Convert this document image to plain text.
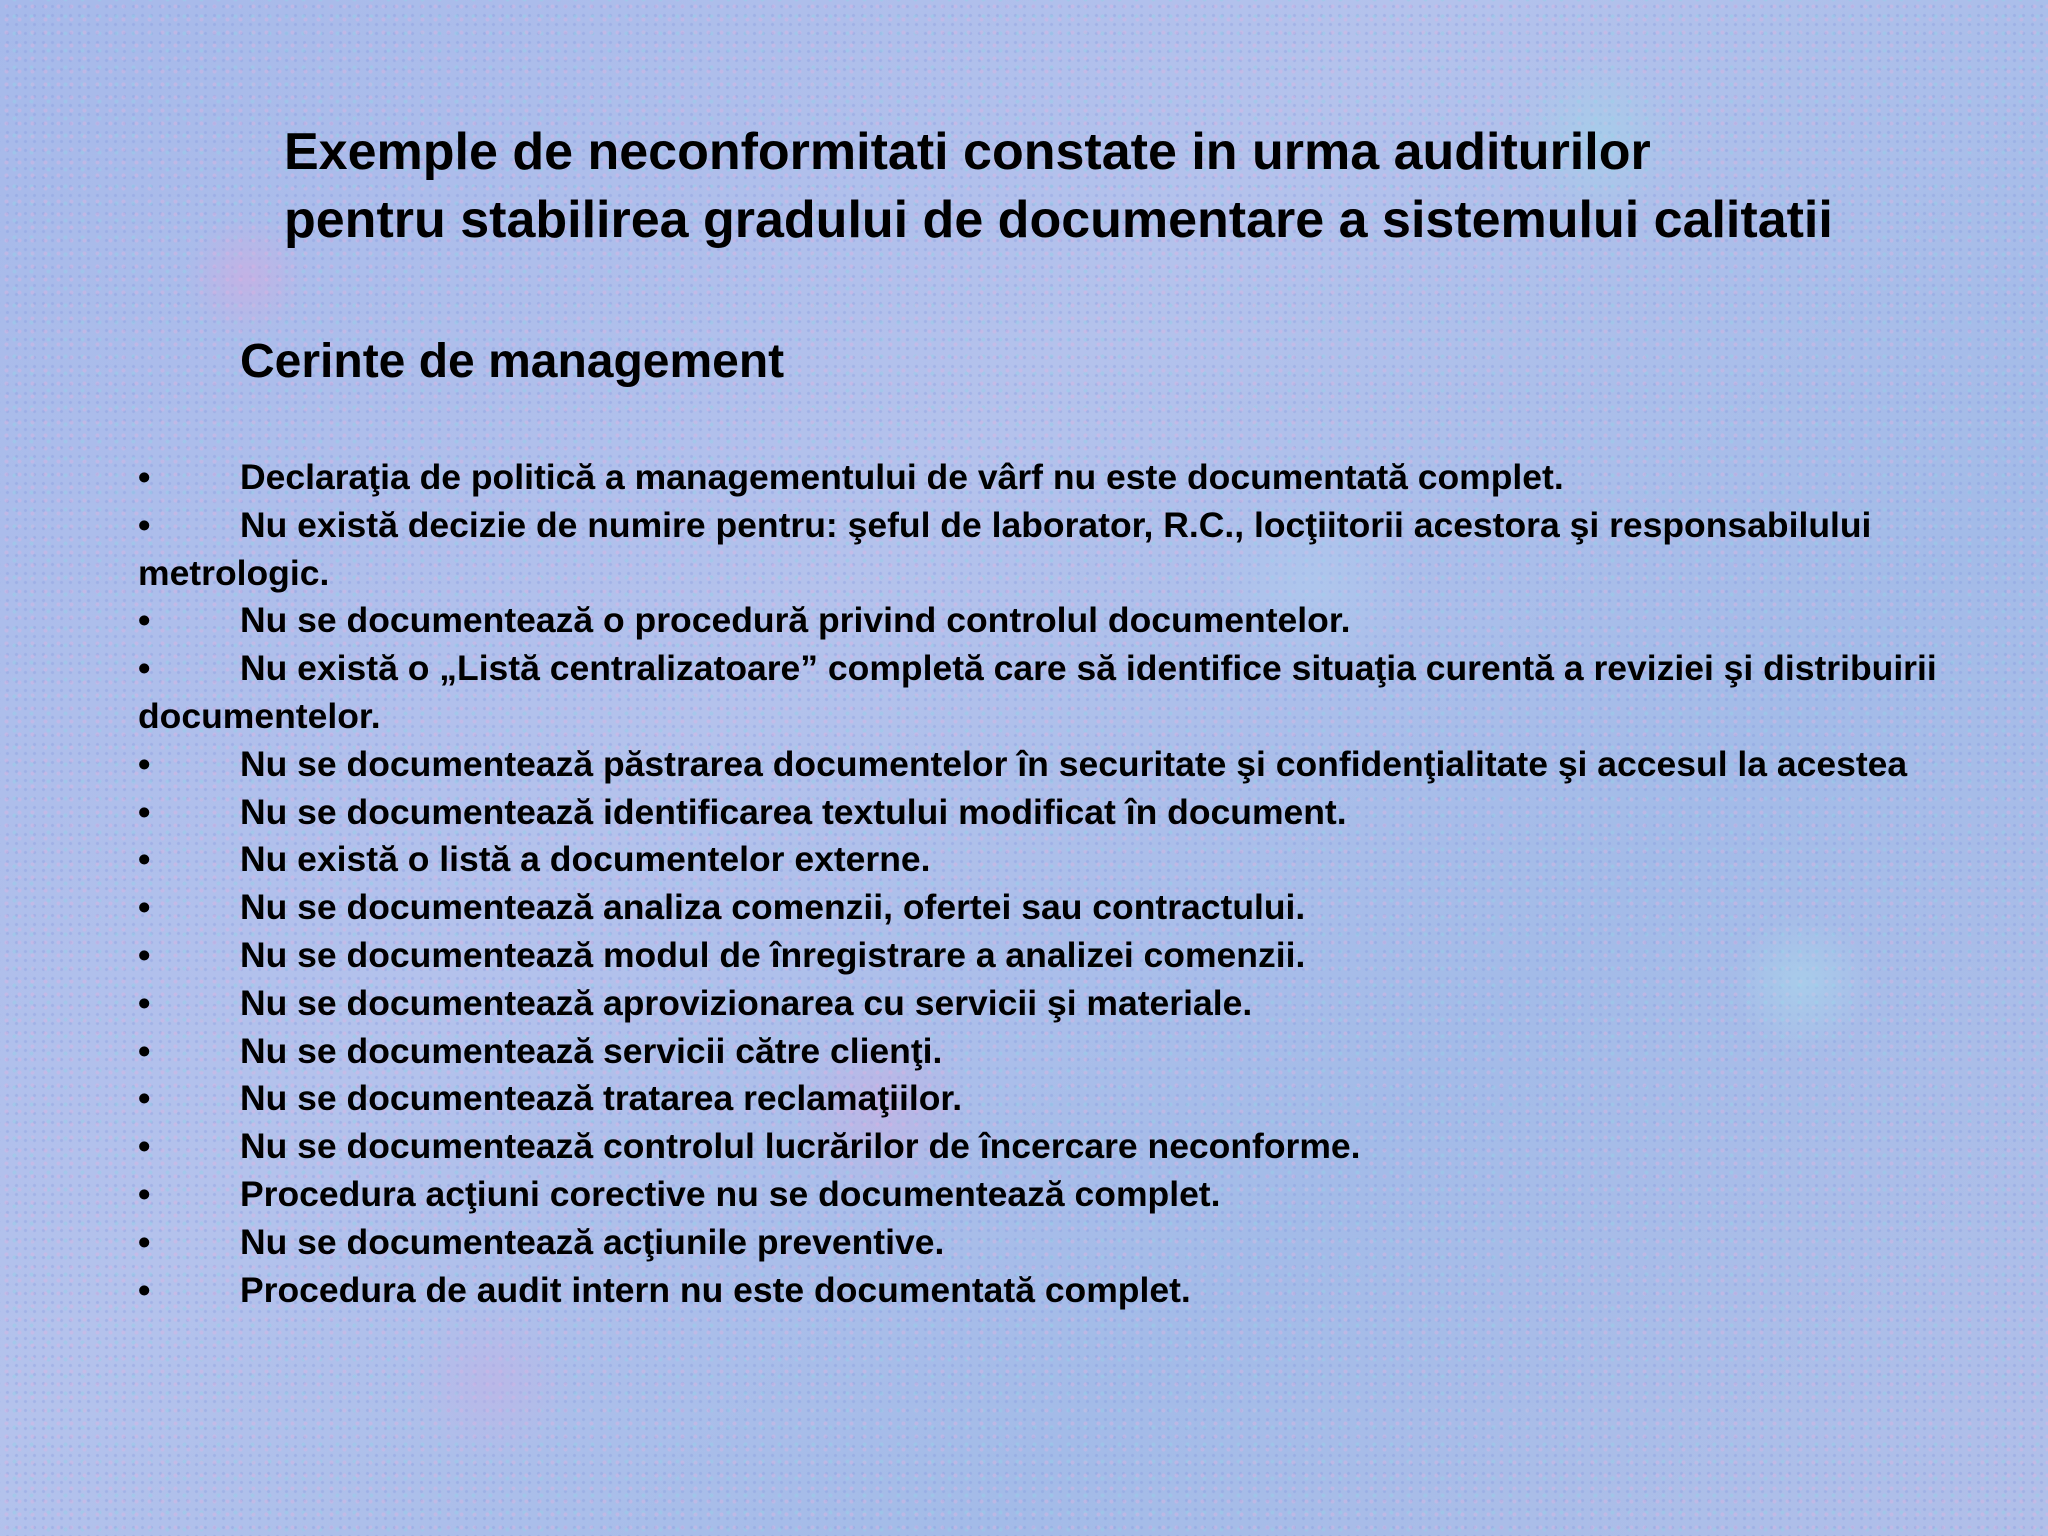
Exemple de neconformitati constate in urma auditurilor
pentru stabilirea gradului de documentare a sistemului calitatii
Cerinte de management
•	Declaraţia de politică a managementului de vârf nu este documentată complet.
•	Nu există decizie de numire pentru: şeful de laborator, R.C., locţiitorii acestora şi responsabilului metrologic.
•	Nu se documentează o procedură privind controlul documentelor.
•	Nu există o „Listă centralizatoare” completă care să identifice situaţia curentă a reviziei şi distribuirii documentelor.
•	Nu se documentează păstrarea documentelor în securitate şi confidenţialitate şi accesul la acestea
•	Nu se documentează identificarea textului modificat în document.
•	Nu există o listă a documentelor externe.
•	Nu se documentează analiza comenzii, ofertei sau contractului.
•	Nu se documentează modul de înregistrare a analizei comenzii.
•	Nu se documentează aprovizionarea cu servicii şi materiale.
•	Nu se documentează servicii către clienţi.
•	Nu se documentează tratarea reclamaţiilor.
•	Nu se documentează controlul lucrărilor de încercare neconforme.
•	Procedura acţiuni corective nu se documentează complet.
•	Nu se documentează acţiunile preventive.
•	Procedura de audit intern nu este documentată complet.
